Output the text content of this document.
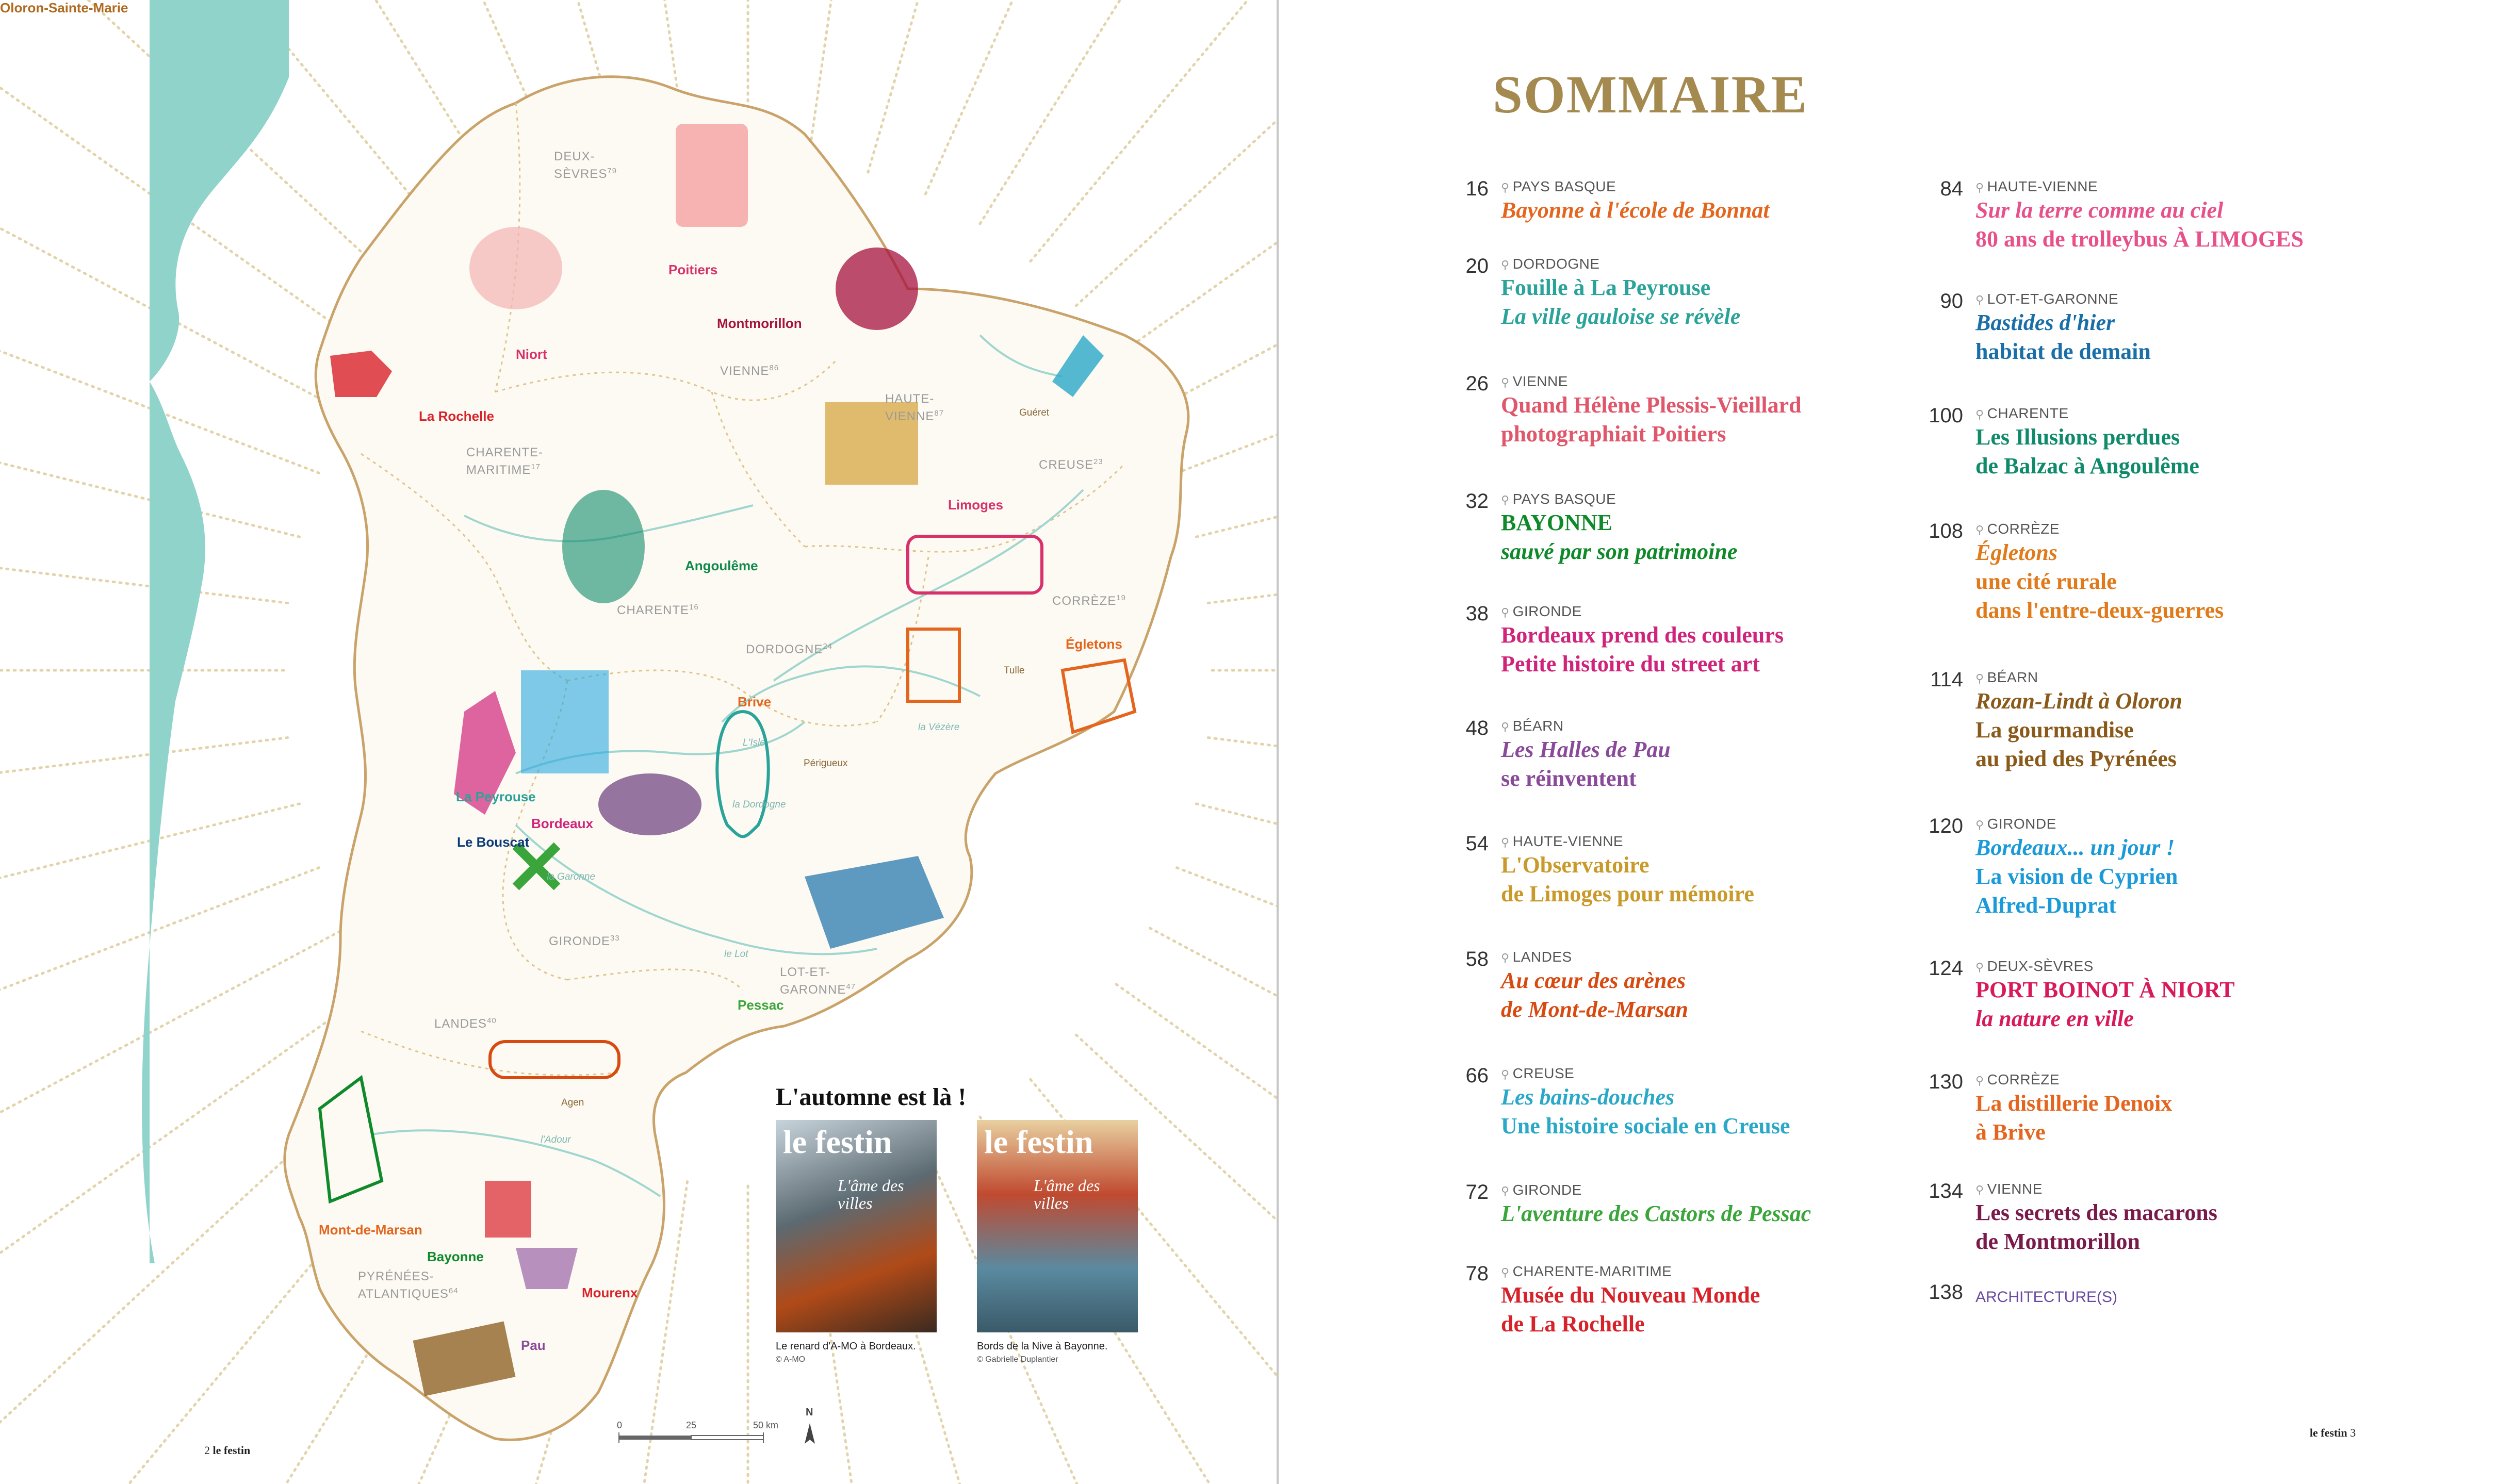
Poitiers
Montmorillon
Niort
La Rochelle	Guéret
Limoges
Angoulême
Égletons
Tulle
Brive
Périgueux
La Peyrouse
Bordeaux
Le Bouscat
Pessac
Agen
Mont-de-Marsan
Bayonne
Mourenx
Pau
Oloron-Sainte-Marie
DEUX-
SÈVRES$^{79}$
VIENNE$^{86}$
HAUTE-
VIENNE$^{87}$
CHARENTE-
MARITIME$^{17}$	CREUSE$^{23}$
CHARENTE$^{16}$	CORRÈZE$^{19}$
DORDOGNE$^{24}$
GIRONDE$^{33}$
LOT-ET-
GARONNE$^{47}$
LANDES$^{40}$
PYRÉNÉES-
ATLANTIQUES$^{64}$
L'Isle
la Dordogne
la Vézère
la Garonne
le Lot
l'Adour
0	25	50 km
N
L'automne est là !
le festin
L'âme des villes
le festin
L'âme des villes
Le renard d'A-MO à Bordeaux.
© A-MO
Bords de la Nive à Bayonne.
© Gabrielle Duplantier
2 le festin
SOMMAIRE
16 ⚲ PAYS BASQUE
Bayonne à l'école de Bonnat
20 ⚲ DORDOGNE
Fouille à La Peyrouse
La ville gauloise se révèle
26 ⚲ VIENNE
Quand Hélène Plessis-Vieillard
photographiait Poitiers
32 ⚲ PAYS BASQUE
BAYONNE
sauvé par son patrimoine
38 ⚲ GIRONDE
Bordeaux prend des couleurs
Petite histoire du street art
48 ⚲ BÉARN
Les Halles de Pau
se réinventent
54 ⚲ HAUTE-VIENNE
L'Observatoire
de Limoges pour mémoire
58 ⚲ LANDES
Au cœur des arènes
de Mont-de-Marsan
66 ⚲ CREUSE
Les bains-douches
Une histoire sociale en Creuse
72 ⚲ GIRONDE
L'aventure des Castors de Pessac
78 ⚲ CHARENTE-MARITIME
Musée du Nouveau Monde
de La Rochelle
84 ⚲ HAUTE-VIENNE
Sur la terre comme au ciel
80 ans de trolleybus À LIMOGES
90 ⚲ LOT-ET-GARONNE
Bastides d'hier
habitat de demain
100 ⚲ CHARENTE
Les Illusions perdues
de Balzac à Angoulême
108 ⚲ CORRÈZE
Égletons
une cité rurale
dans l'entre-deux-guerres
114 ⚲ BÉARN
Rozan-Lindt à Oloron
La gourmandise
au pied des Pyrénées
120 ⚲ GIRONDE
Bordeaux... un jour !
La vision de Cyprien
Alfred-Duprat
124 ⚲ DEUX-SÈVRES
PORT BOINOT À NIORT
la nature en ville
130 ⚲ CORRÈZE
La distillerie Denoix
à Brive
134 ⚲ VIENNE
Les secrets des macarons
de Montmorillon
138 ARCHITECTURE(S)
le festin 3
